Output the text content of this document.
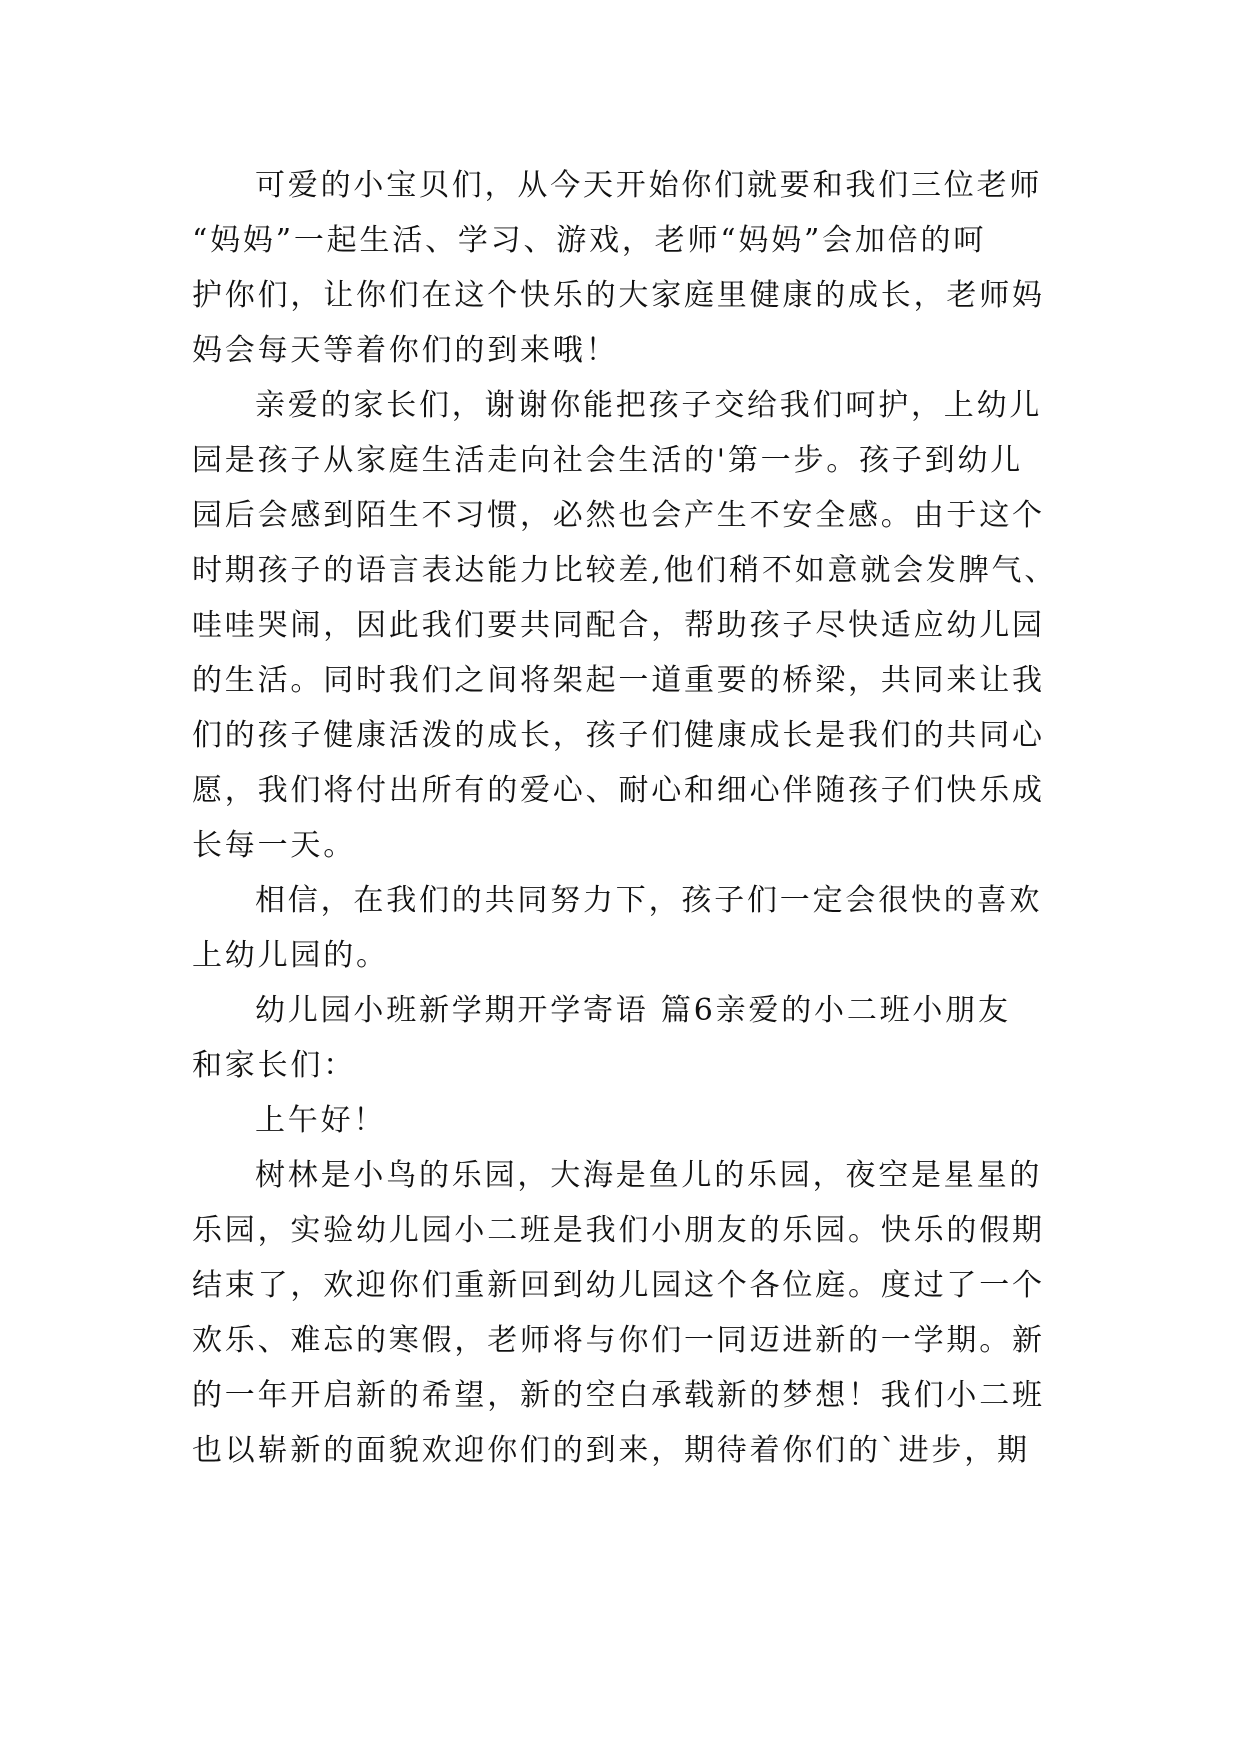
可爱的小宝贝们，从今天开始你们就要和我们三位老师
“妈妈”一起生活、学习、游戏，老师“妈妈”会加倍的呵
护你们，让你们在这个快乐的大家庭里健康的成长，老师妈
妈会每天等着你们的到来哦！
亲爱的家长们，谢谢你能把孩子交给我们呵护，上幼儿
园是孩子从家庭生活走向社会生活的'第一步。孩子到幼儿
园后会感到陌生不习惯，必然也会产生不安全感。由于这个
时期孩子的语言表达能力比较差,他们稍不如意就会发脾气、
哇哇哭闹，因此我们要共同配合，帮助孩子尽快适应幼儿园
的生活。同时我们之间将架起一道重要的桥梁，共同来让我
们的孩子健康活泼的成长，孩子们健康成长是我们的共同心
愿，我们将付出所有的爱心、耐心和细心伴随孩子们快乐成
长每一天。
相信，在我们的共同努力下，孩子们一定会很快的喜欢
上幼儿园的。
幼儿园小班新学期开学寄语 篇6亲爱的小二班小朋友
和家长们：
上午好！
树林是小鸟的乐园，大海是鱼儿的乐园，夜空是星星的
乐园，实验幼儿园小二班是我们小朋友的乐园。快乐的假期
结束了，欢迎你们重新回到幼儿园这个各位庭。度过了一个
欢乐、难忘的寒假，老师将与你们一同迈进新的一学期。新
的一年开启新的希望，新的空白承载新的梦想！我们小二班
也以崭新的面貌欢迎你们的到来，期待着你们的`进步，期
